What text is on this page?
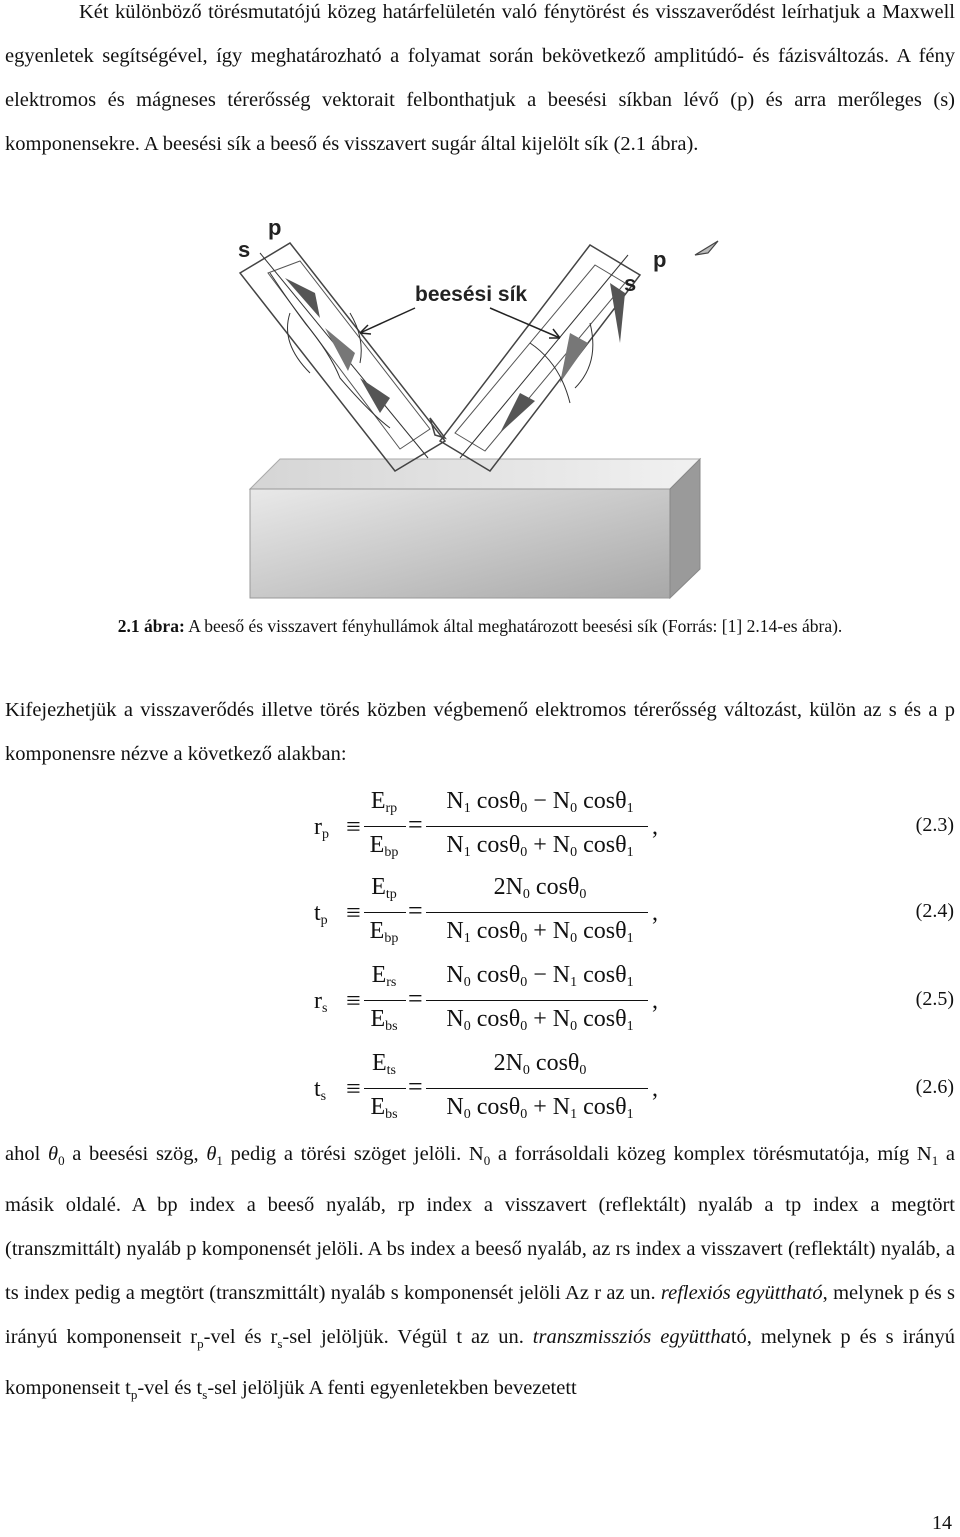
Két különböző törésmutatójú közeg határfelületén való fénytörést és visszaverődést leírhatjuk a Maxwell egyenletek segítségével, így meghatározható a folyamat során bekövetkező amplitúdó- és fázisváltozás. A fény elektromos és mágneses térerősség vektorait felbonthatjuk a beesési síkban lévő (p) és arra merőleges (s) komponensekre. A beesési sík a beeső és visszavert sugár által kijelölt sík (2.1 ábra).

beesési sík
s
p
p
s
2.1 ábra: A beeső és visszavert fényhullámok által meghatározott beesési sík (Forrás: [1] 2.14-es ábra).

Kifejezhetjük a visszaverődés illetve törés közben végbemenő elektromos térerősség változást, külön az s és a p komponensre nézve a következő alakban:

$r_p$ ≡
$E_{rp}$
$E_{bp}$
=
$N_1$ $\cos\theta_0 - N_0$ cosθ$_1$
$N_1$ $\cos\theta_0 + N_0$ cosθ$_1$
,	(2.3)
$t_p$ ≡
$E_{tp}$
$E_{bp}$
=
$2N_0$ cosθ$_0$
$N_1$ $\cos\theta_0 + N_0$ cosθ$_1$
,	(2.4)
$r_s$ ≡
$E_{rs}$
$E_{bs}$
=
$N_0$ $\cos\theta_0 - N_1$ cosθ$_1$
$N_0$ $\cos\theta_0 + N_0$ cosθ$_1$
,	(2.5)
$t_s$ ≡
$E_{ts}$
$E_{bs}$
=
$2N_0$ cosθ$_0$
$N_0$ $\cos\theta_0 + N_1$ cosθ$_1$
,	(2.6)

ahol $\theta_0$ a beesési szög, $\theta_1$ pedig a törési szöget jelöli. $N_0$ a forrásoldali közeg komplex törésmutatója, míg $N_1$ a másik oldalé. A bp index a beeső nyaláb, rp index a visszavert (reflektált) nyaláb a tp index a megtört (transzmittált) nyaláb p komponensét jelöli. A bs index a beeső nyaláb, az rs index a visszavert (reflektált) nyaláb, a ts index pedig a megtört (transzmittált) nyaláb s komponensét jelöli Az r az un. reflexiós együttható, melynek p és s irányú komponenseit $r_p$-vel és $r_s$-sel jelöljük. Végül t az un. transzmissziós együttható, melynek p és s irányú komponenseit $t_p$-vel és $t_s$-sel jelöljük A fenti egyenletekben bevezetett

14
